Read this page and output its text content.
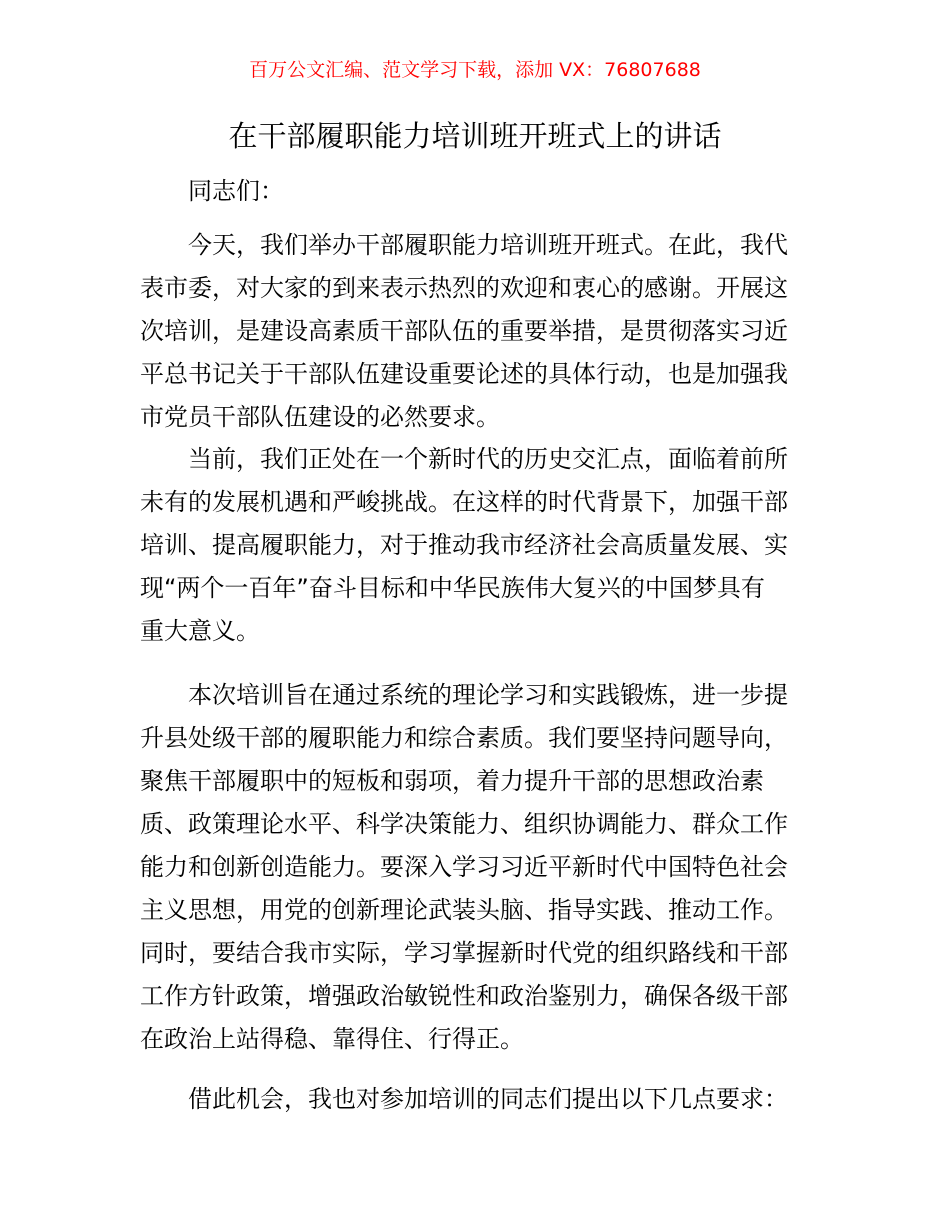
百万公文汇编、范文学习下载，添加 VX：76807688
在干部履职能力培训班开班式上的讲话
同志们：
今天，我们举办干部履职能力培训班开班式。在此，我代
表市委，对大家的到来表示热烈的欢迎和衷心的感谢。开展这
次培训，是建设高素质干部队伍的重要举措，是贯彻落实习近
平总书记关于干部队伍建设重要论述的具体行动，也是加强我
市党员干部队伍建设的必然要求。
当前，我们正处在一个新时代的历史交汇点，面临着前所
未有的发展机遇和严峻挑战。在这样的时代背景下，加强干部
培训、提高履职能力，对于推动我市经济社会高质量发展、实
现“两个一百年”奋斗目标和中华民族伟大复兴的中国梦具有
重大意义。
本次培训旨在通过系统的理论学习和实践锻炼，进一步提
升县处级干部的履职能力和综合素质。我们要坚持问题导向，
聚焦干部履职中的短板和弱项，着力提升干部的思想政治素
质、政策理论水平、科学决策能力、组织协调能力、群众工作
能力和创新创造能力。要深入学习习近平新时代中国特色社会
主义思想，用党的创新理论武装头脑、指导实践、推动工作。
同时，要结合我市实际，学习掌握新时代党的组织路线和干部
工作方针政策，增强政治敏锐性和政治鉴别力，确保各级干部
在政治上站得稳、靠得住、行得正。
借此机会，我也对参加培训的同志们提出以下几点要求：
